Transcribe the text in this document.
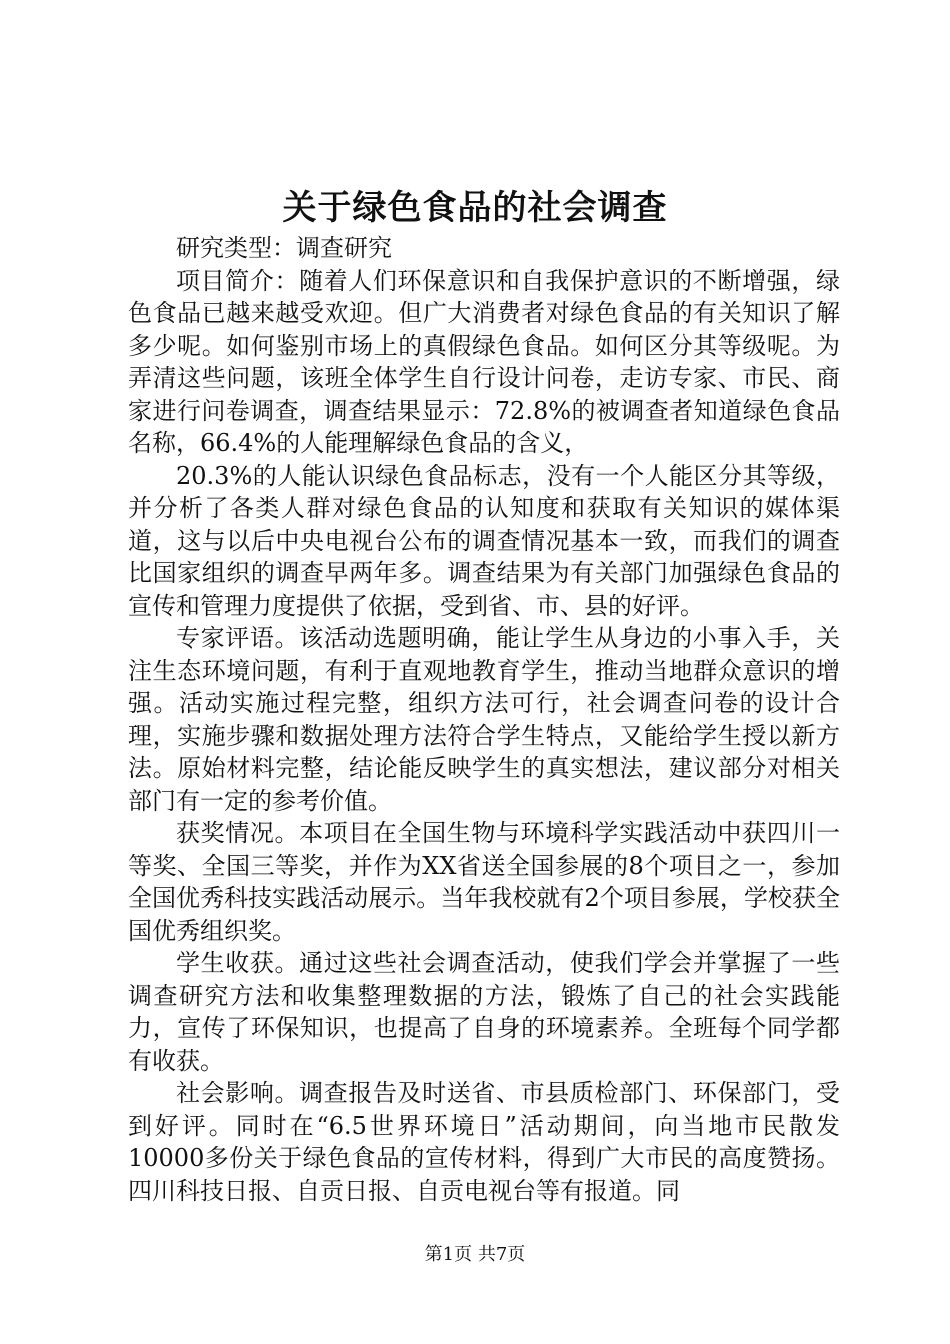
关于绿色食品的社会调查

研究类型：调查研究

项目简介：随着人们环保意识和自我保护意识的不断增强，绿色食品已越来越受欢迎。但广大消费者对绿色食品的有关知识了解多少呢。如何鉴别市场上的真假绿色食品。如何区分其等级呢。为弄清这些问题，该班全体学生自行设计问卷，走访专家、市民、商家进行问卷调查，调查结果显示：72.8%的被调查者知道绿色食品名称，66.4%的人能理解绿色食品的含义，

20.3%的人能认识绿色食品标志，没有一个人能区分其等级，并分析了各类人群对绿色食品的认知度和获取有关知识的媒体渠道，这与以后中央电视台公布的调查情况基本一致，而我们的调查比国家组织的调查早两年多。调查结果为有关部门加强绿色食品的宣传和管理力度提供了依据，受到省、市、县的好评。

专家评语。该活动选题明确，能让学生从身边的小事入手，关注生态环境问题，有利于直观地教育学生，推动当地群众意识的增强。活动实施过程完整，组织方法可行，社会调查问卷的设计合理，实施步骤和数据处理方法符合学生特点，又能给学生授以新方法。原始材料完整，结论能反映学生的真实想法，建议部分对相关部门有一定的参考价值。

获奖情况。本项目在全国生物与环境科学实践活动中获四川一等奖、全国三等奖，并作为XX省送全国参展的8个项目之一，参加全国优秀科技实践活动展示。当年我校就有2个项目参展，学校获全国优秀组织奖。

学生收获。通过这些社会调查活动，使我们学会并掌握了一些调查研究方法和收集整理数据的方法，锻炼了自己的社会实践能力，宣传了环保知识，也提高了自身的环境素养。全班每个同学都有收获。

社会影响。调查报告及时送省、市县质检部门、环保部门，受到好评。同时在“6.5世界环境日”活动期间，向当地市民散发10000多份关于绿色食品的宣传材料，得到广大市民的高度赞扬。四川科技日报、自贡日报、自贡电视台等有报道。同

第1页 共7页
